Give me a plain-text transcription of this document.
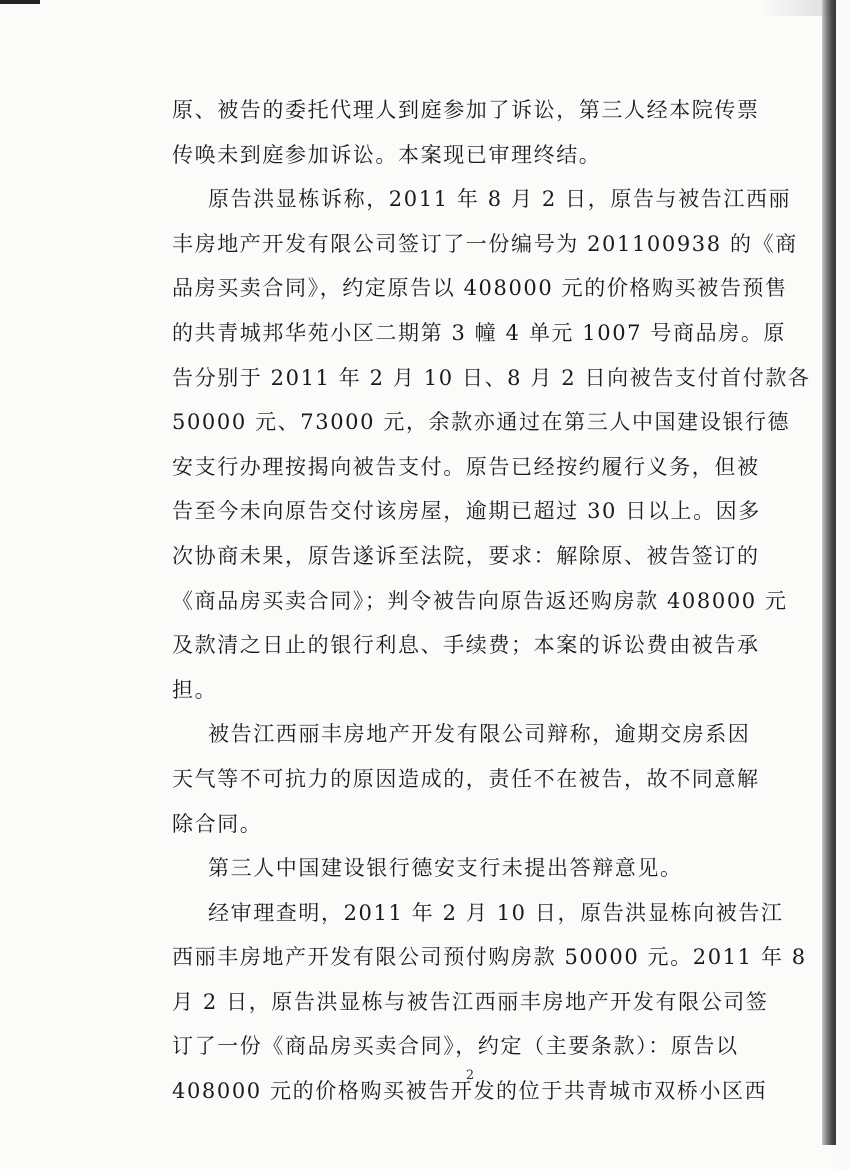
原、被告的委托代理人到庭参加了诉讼，第三人经本院传票
传唤未到庭参加诉讼。本案现已审理终结。
原告洪显栋诉称，2011 年 8 月 2 日，原告与被告江西丽
丰房地产开发有限公司签订了一份编号为 201100938 的《商
品房买卖合同》，约定原告以 408000 元的价格购买被告预售
的共青城邦华苑小区二期第 3 幢 4 单元 1007 号商品房。原
告分别于 2011 年 2 月 10 日、8 月 2 日向被告支付首付款各
50000 元、73000 元，余款亦通过在第三人中国建设银行德
安支行办理按揭向被告支付。原告已经按约履行义务，但被
告至今未向原告交付该房屋，逾期已超过 30 日以上。因多
次协商未果，原告遂诉至法院，要求：解除原、被告签订的
《商品房买卖合同》；判令被告向原告返还购房款 408000 元
及款清之日止的银行利息、手续费；本案的诉讼费由被告承
担。
被告江西丽丰房地产开发有限公司辩称，逾期交房系因
天气等不可抗力的原因造成的，责任不在被告，故不同意解
除合同。
第三人中国建设银行德安支行未提出答辩意见。
经审理查明，2011 年 2 月 10 日，原告洪显栋向被告江
西丽丰房地产开发有限公司预付购房款 50000 元。2011 年 8
月 2 日，原告洪显栋与被告江西丽丰房地产开发有限公司签
订了一份《商品房买卖合同》，约定（主要条款）：原告以
408000 元的价格购买被告开发的位于共青城市双桥小区西
2
